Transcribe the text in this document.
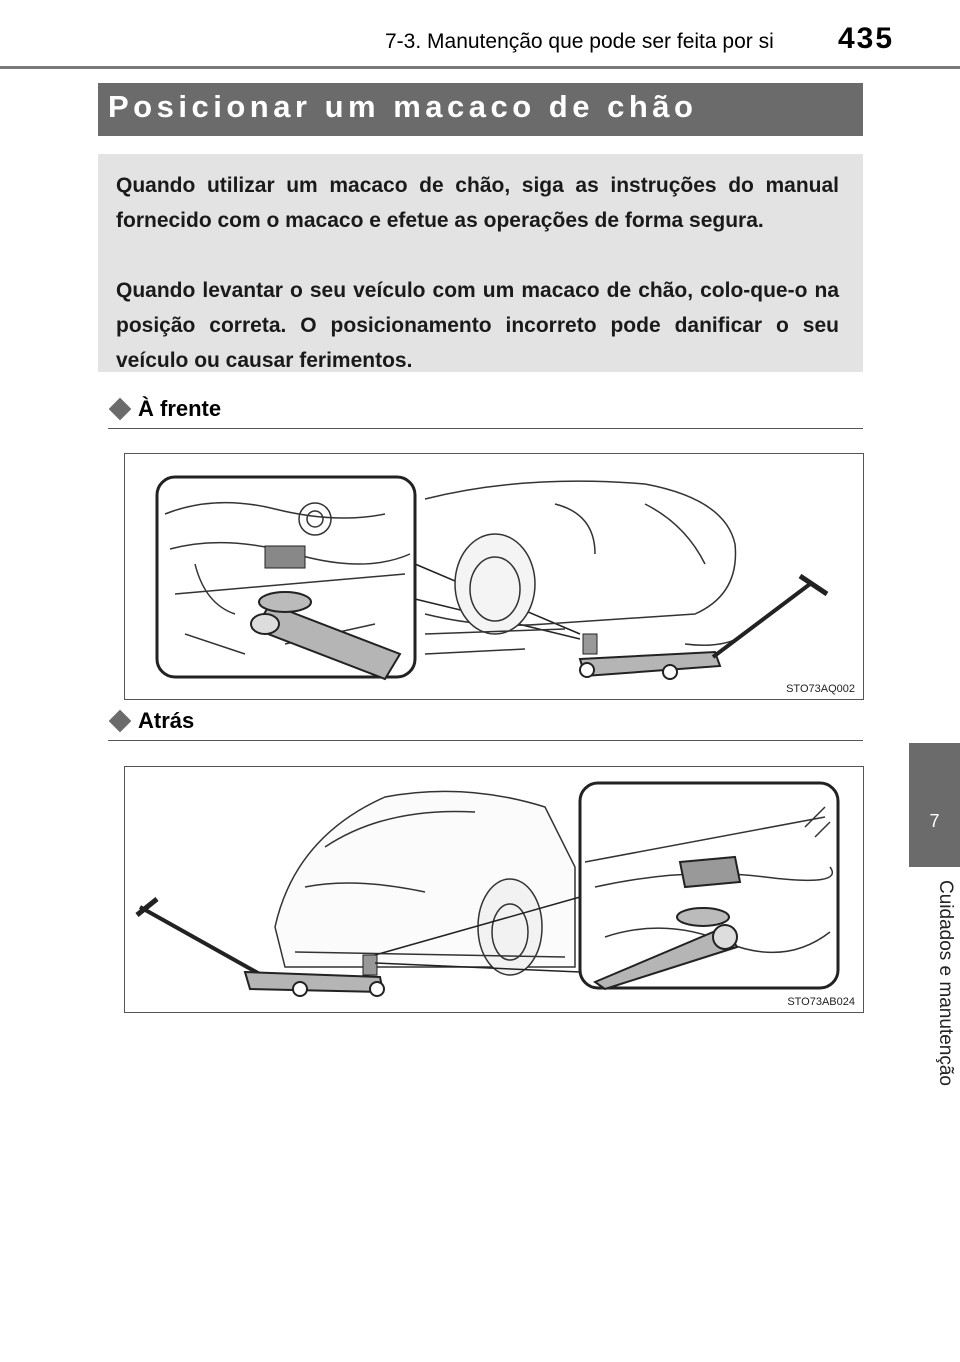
7-3. Manutenção que pode ser feita por si 435
7
Cuidados e manutenção
Posicionar um macaco de chão

Quando utilizar um macaco de chão, siga as instruções do manual fornecido com o macaco e efetue as operações de forma segura.

Quando levantar o seu veículo com um macaco de chão, colo-que-o na posição correta. O posicionamento incorreto pode danificar o seu veículo ou causar ferimentos.

À frente
STO73AQ002
Atrás
STO73AB024
